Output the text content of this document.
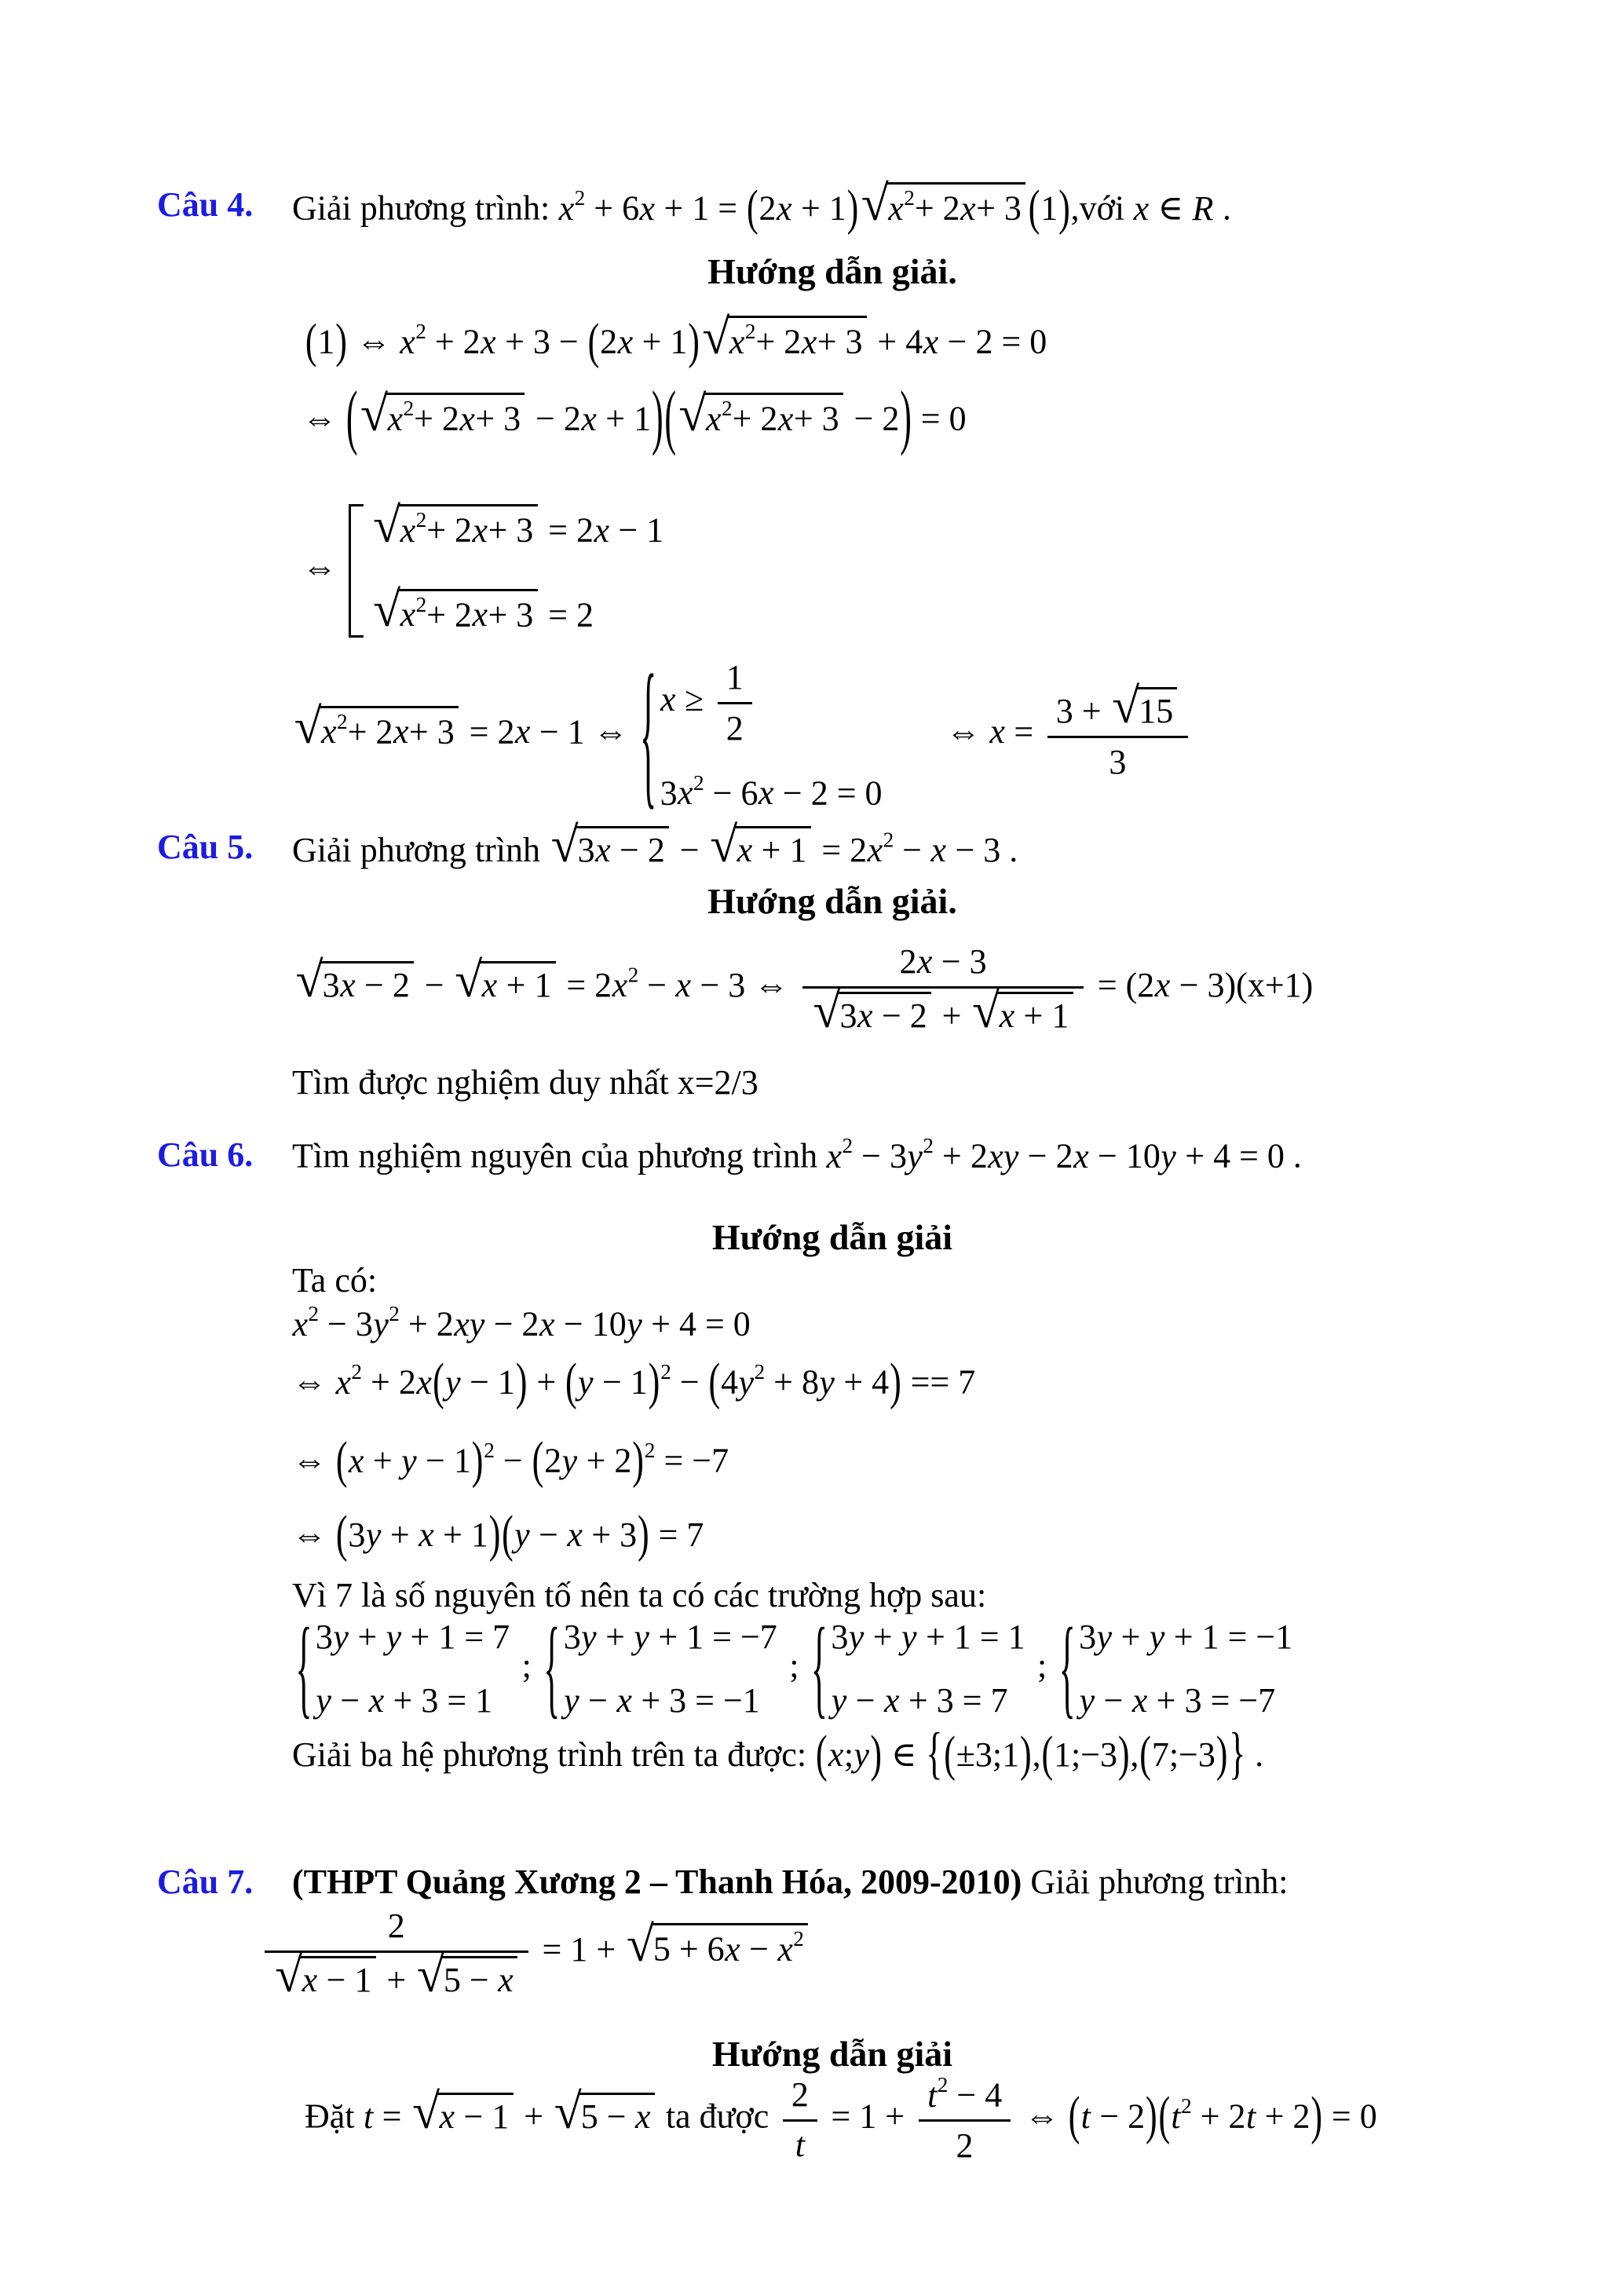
Câu 4.	Giải phương trình: $x^2 + 6x + 1 = (2x + 1)$ √ $x^2+ 2x+ 3$ (1),với x ∈ R .
Hướng dẫn giải.
(1) ⇔ $x^2 + 2x + 3 - (2x + 1)$ √ $x^2+ 2x+ 3 + 4x - 2 = 0$
⇔ ( √ $x^2+ 2x+ 3 - 2x + 1$)( √ $x^2+ 2x+ 3 - 2) = 0$
⇔
√ $x^2+ 2x+ 3 = 2x - 1$
√ $x^2+ 2x+ 3 = 2$
√ $x^2+ 2x+ 3 = 2x - 1$ ⇔ { $x \ge \frac{1}{2}$
$3x^2 - 6x - 2 = 0$
⇔ $x = \frac{3 + √ 15}{3}$
Câu 5.	Giải phương trình √ 3x − 2 − √ $x + 1 = 2x^2 - x - 3$ .
Hướng dẫn giải.
√ 3x − 2 − √ $x + 1 = 2x^2 - x - 3$ ⇔ $\frac{2x - 3}{√ 3x - 2 + √ x + 1} = (2x - 3)(x+1)$
Tìm được nghiệm duy nhất x=2/3
Câu 6.	Tìm nghiệm nguyên của phương trình $x^2 - 3y^2 + 2xy - 2x - 10y + 4 = 0$ .
Hướng dẫn giải
Ta có:
$x^2 - 3y^2 + 2xy - 2x - 10y + 4 = 0$
⇔ $x^2 + 2x(y - 1) + (y - 1)^2 - (4y^2 + 8y + 4) == 7$
⇔ $(x + y - 1)^2 - (2y + 2)^2 = -7$
⇔ (3y + x + 1)(y − x + 3) = 7
Vì 7 là số nguyên tố nên ta có các trường hợp sau:
{ 3y + y + 1 = 7
y − x + 3 = 1
; { 3y + y + 1 = −7
y − x + 3 = −1
; { 3y + y + 1 = 1
y − x + 3 = 7
; { 3y + y + 1 = −1
y − x + 3 = −7
Giải ba hệ phương trình trên ta được: (x;y) ∈ {(±3;1),(1;−3),(7;−3)} .
Câu 7.	(THPT Quảng Xương 2 – Thanh Hóa, 2009-2010) Giải phương trình:
$\frac{2}{√ x - 1 + √ 5 - x} = 1$ + √ $5 + 6x - x^2$
Hướng dẫn giải
Đặt t = √ x − 1 + √ 5 − x ta được $\frac{2}{t} = 1 + \frac{t^2 - 4}{2}$ ⇔ $(t - 2)(t^2 + 2t + 2) = 0$
